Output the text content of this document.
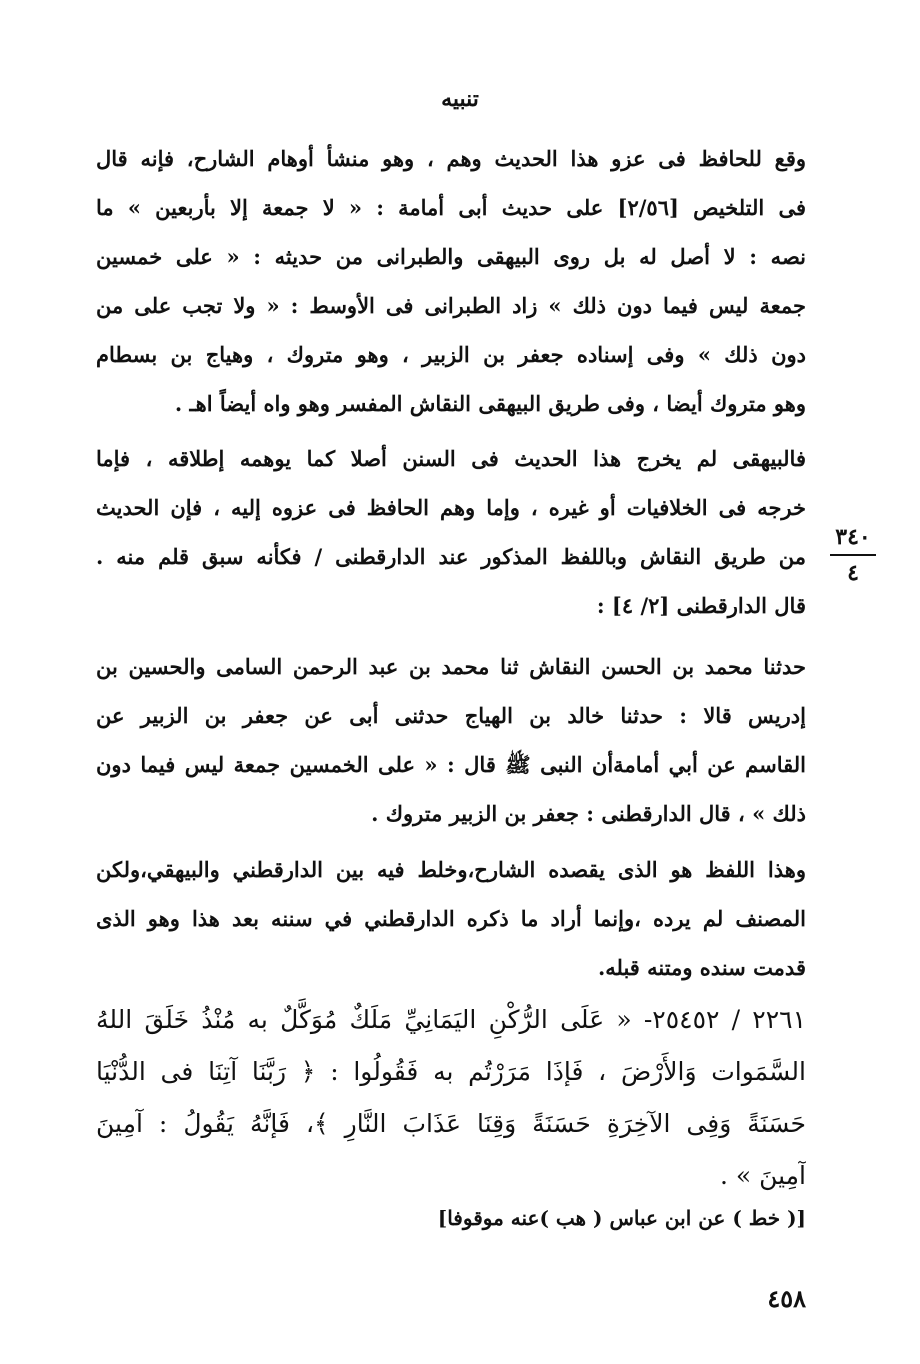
تنبيه
وقع للحافظ فى عزو هذا الحديث وهم ، وهو منشأ أوهام الشارح، فإنه قال
فى التلخيص [٢/٥٦] على حديث أبى أمامة : « لا جمعة إلا بأربعين » ما
نصه : لا أصل له بل روى البيهقى والطبرانى من حديثه : « على خمسين
جمعة ليس فيما دون ذلك » زاد الطبرانى فى الأوسط : « ولا تجب على من
دون ذلك » وفى إسناده جعفر بن الزبير ، وهو متروك ، وهياج بن بسطام
وهو متروك أيضا ، وفى طريق البيهقى النقاش المفسر وهو واه أيضاً اهـ .
فالبيهقى لم يخرج هذا الحديث فى السنن أصلا كما يوهمه إطلاقه ، فإما
خرجه فى الخلافيات أو غيره ، وإما وهم الحافظ فى عزوه إليه ، فإن الحديث
من طريق النقاش وباللفظ المذكور عند الدارقطنى / فكأنه سبق قلم منه .
قال الدارقطنى [٢/ ٤] :
حدثنا محمد بن الحسن النقاش ثنا محمد بن عبد الرحمن السامى والحسين بن
إدريس قالا : حدثنا خالد بن الهياج حدثنى أبى عن جعفر بن الزبير عن
القاسم عن أبي أمامةأن النبى ﷺ قال : « على الخمسين جمعة ليس فيما دون
ذلك » ، قال الدارقطنى : جعفر بن الزبير متروك .
وهذا اللفظ هو الذى يقصده الشارح،وخلط فيه بين الدارقطني والبيهقي،ولكن
المصنف لم يرده ،وإنما أراد ما ذكره الدارقطني في سننه بعد هذا وهو الذى
قدمت سنده ومتنه قبله.
٢٢٦١ / ٢٥٤٥٢- « عَلَى الرُّكْنِ اليَمَانِيِّ مَلَكٌ مُوَكَّلٌ به مُنْذُ خَلَقَ اللهُ
السَّمَوات وَالأَرْضَ ، فَإذَا مَرَرْتُم به فَقُولُوا : ﴿ رَبَّنَا آتِنَا فى الدُّنْيَا
حَسَنَةً وَفِى الآخِرَةِ حَسَنَةً وَقِنَا عَذَابَ النَّارِ ﴾، فَإنَّهُ يَقُولُ : آمِينَ
آمِينَ » .
[( خط ) عن ابن عباس ( هب )عنه موقوفا]
٣٤٠
٤
٤٥٨
